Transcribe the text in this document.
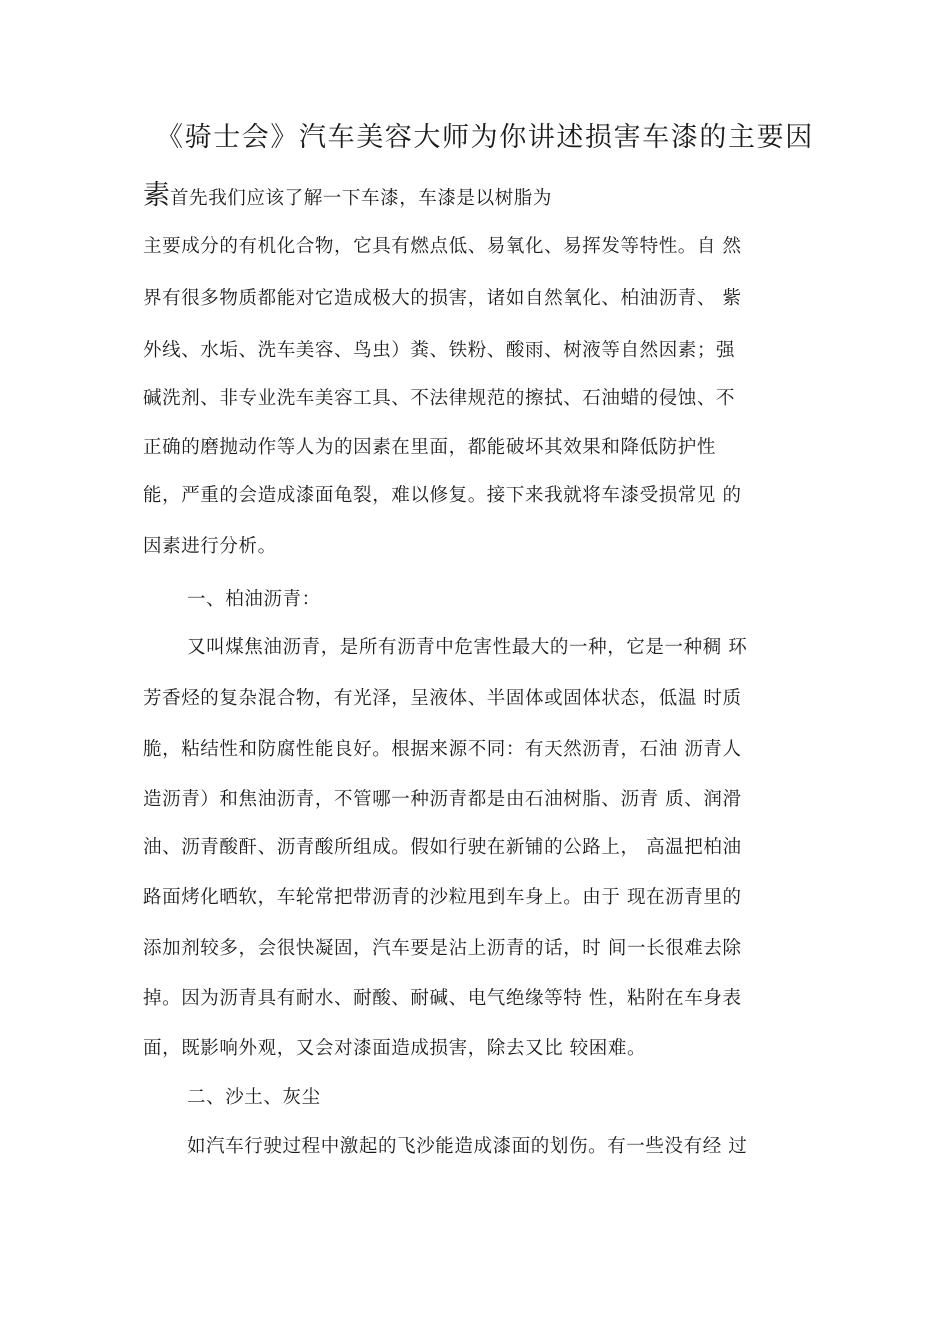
《骑士会》汽车美容大师为你讲述损害车漆的主要因
素首先我们应该了解一下车漆，车漆是以树脂为
主要成分的有机化合物，它具有燃点低、易氧化、易挥发等特性。自 然
界有很多物质都能对它造成极大的损害，诸如自然氧化、柏油沥青、 紫
外线、水垢、洗车美容、鸟虫）粪、铁粉、酸雨、树液等自然因素；强
碱洗剂、非专业洗车美容工具、不法律规范的擦拭、石油蜡的侵蚀、不
正确的磨抛动作等人为的因素在里面，都能破坏其效果和降低防护性
能，严重的会造成漆面龟裂，难以修复。接下来我就将车漆受损常见 的
因素进行分析。
一、柏油沥青：
又叫煤焦油沥青，是所有沥青中危害性最大的一种，它是一种稠 环
芳香烃的复杂混合物，有光泽，呈液体、半固体或固体状态，低温 时质
脆，粘结性和防腐性能良好。根据来源不同：有天然沥青，石油 沥青人
造沥青）和焦油沥青，不管哪一种沥青都是由石油树脂、沥青 质、润滑
油、沥青酸酐、沥青酸所组成。假如行驶在新铺的公路上， 高温把柏油
路面烤化晒软，车轮常把带沥青的沙粒甩到车身上。由于 现在沥青里的
添加剂较多，会很快凝固，汽车要是沾上沥青的话，时 间一长很难去除
掉。因为沥青具有耐水、耐酸、耐碱、电气绝缘等特 性，粘附在车身表
面，既影响外观，又会对漆面造成损害，除去又比 较困难。
二、沙土、灰尘
如汽车行驶过程中激起的飞沙能造成漆面的划伤。有一些没有经 过
